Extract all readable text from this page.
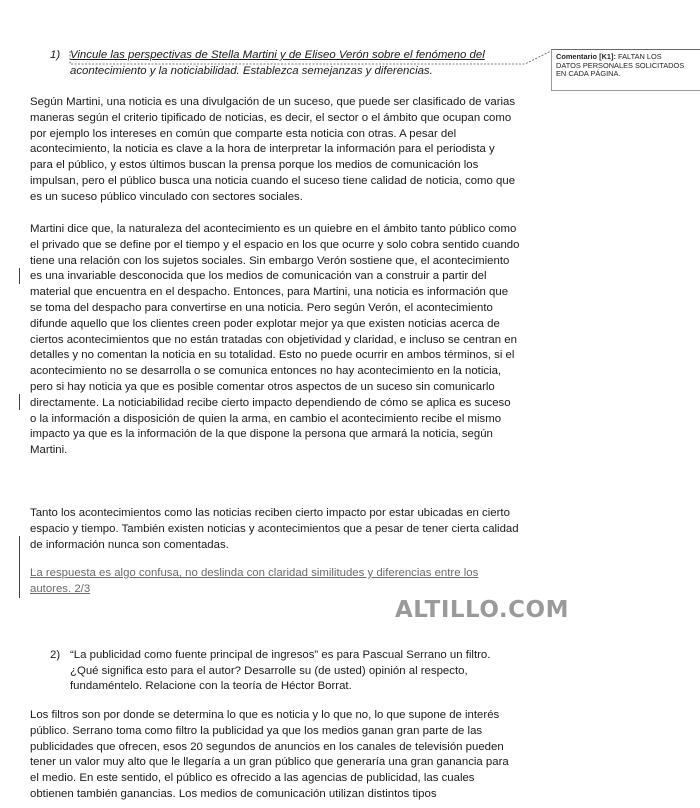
1) Vincule las perspectivas de Stella Martini y de Eliseo Verón sobre el fenómeno del
acontecimiento y la noticiabilidad. Establezca semejanzas y diferencias.
Comentario [K1]: FALTAN LOS
DATOS PERSONALES SOLICITADOS
EN CADA PÁGINA.

Según Martini, una noticia es una divulgación de un suceso, que puede ser clasificado de varias maneras según el criterio tipificado de noticias, es decir, el sector o el ámbito que ocupan como por ejemplo los intereses en común que comparte esta noticia con otras. A pesar del acontecimiento, la noticia es clave a la hora de interpretar la información para el periodista y para el público, y estos últimos buscan la prensa porque los medios de comunicación los impulsan, pero el público busca una noticia cuando el suceso tiene calidad de noticia, como que es un suceso público vinculado con sectores sociales.

Martini dice que, la naturaleza del acontecimiento es un quiebre en el ámbito tanto público como el privado que se define por el tiempo y el espacio en los que ocurre y solo cobra sentido cuando tiene una relación con los sujetos sociales. Sin embargo Verón sostiene que, el acontecimiento es una invariable desconocida que los medios de comunicación van a construir a partir del material que encuentra en el despacho. Entonces, para Martini, una noticia es información que se toma del despacho para convertirse en una noticia. Pero según Verón, el acontecimiento difunde aquello que los clientes creen poder explotar mejor ya que existen noticias acerca de ciertos acontecimientos que no están tratadas con objetividad y claridad, e incluso se centran en detalles y no comentan la noticia en su totalidad. Esto no puede ocurrir en ambos términos, si el acontecimiento no se desarrolla o se comunica entonces no hay acontecimiento en la noticia, pero si hay noticia ya que es posible comentar otros aspectos de un suceso sin comunicarlo directamente. La noticiabilidad recibe cierto impacto dependiendo de cómo se aplica es suceso o la información a disposición de quien la arma, en cambio el acontecimiento recibe el mismo impacto ya que es la información de la que dispone la persona que armará la noticia, según Martini.

Tanto los acontecimientos como las noticias reciben cierto impacto por estar ubicadas en cierto espacio y tiempo. También existen noticias y acontecimientos que a pesar de tener cierta calidad de información nunca son comentadas.

La respuesta es algo confusa, no deslinda con claridad similitudes y diferencias entre los autores. 2/3

ALTILLO.COM
2) “La publicidad como fuente principal de ingresos” es para Pascual Serrano un filtro. ¿Qué significa esto para el autor? Desarrolle su (de usted) opinión al respecto, fundaméntelo. Relacione con la teoría de Héctor Borrat.

Los filtros son por donde se determina lo que es noticia y lo que no, lo que supone de interés público. Serrano toma como filtro la publicidad ya que los medios ganan gran parte de las publicidades que ofrecen, esos 20 segundos de anuncios en los canales de televisión pueden tener un valor muy alto que le llegaría a un gran público que generaría una gran ganancia para el medio. En este sentido, el público es ofrecido a las agencias de publicidad, las cuales obtienen también ganancias. Los medios de comunicación utilizan distintos tipos
